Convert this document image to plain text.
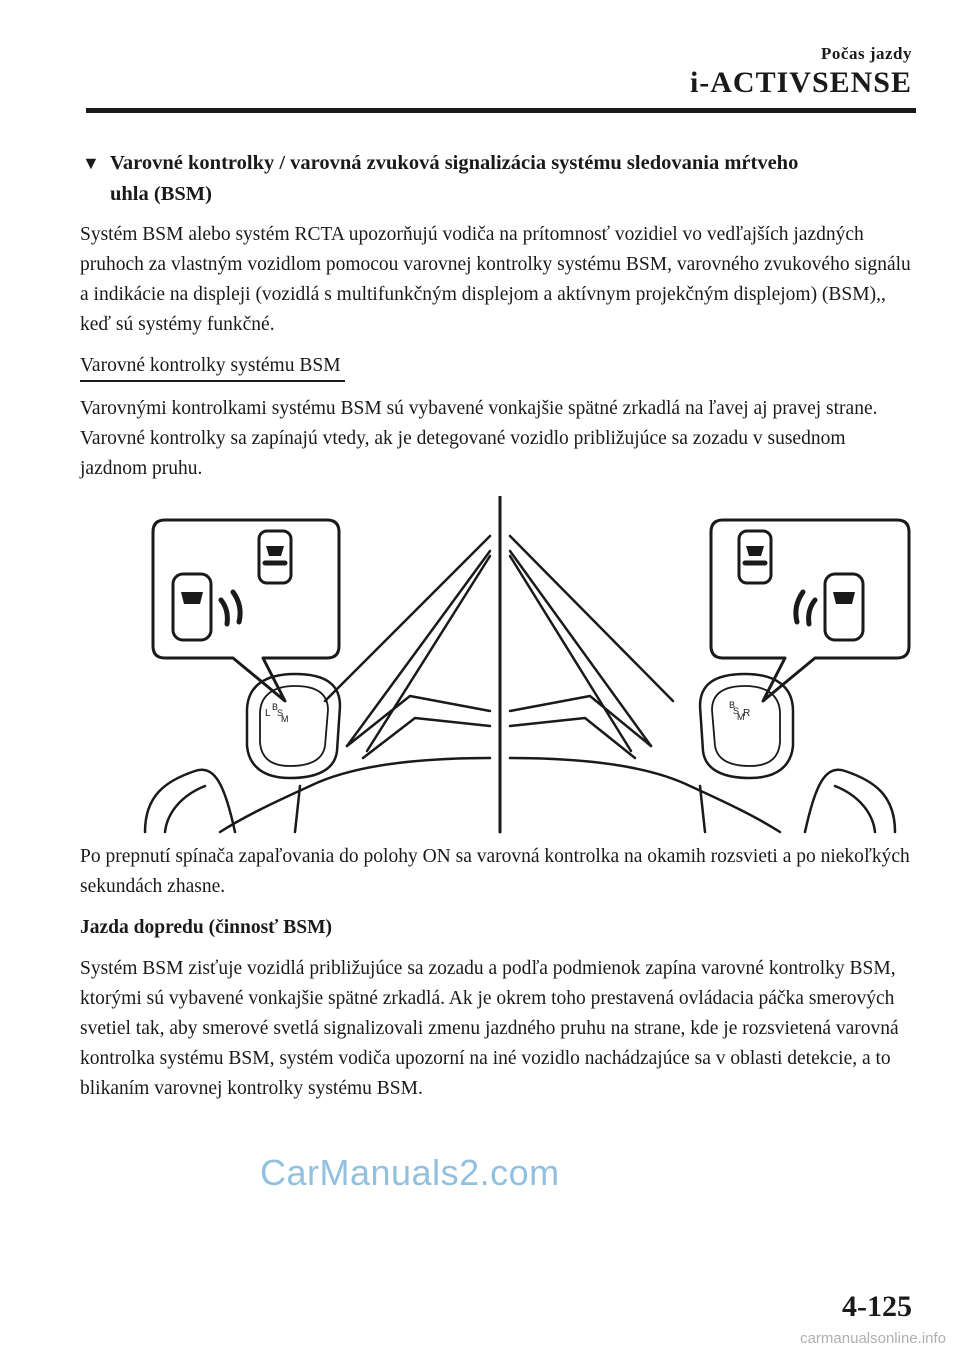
Počas jazdy
i-ACTIVSENSE
▼ Varovné kontrolky / varovná zvuková signalizácia systému sledovania mŕtveho
uhla (BSM)

Systém BSM alebo systém RCTA upozorňujú vodiča na prítomnosť vozidiel vo vedľajších jazdných pruhoch za vlastným vozidlom pomocou varovnej kontrolky systému BSM, varovného zvukového signálu a indikácie na displeji (vozidlá s multifunkčným displejom a aktívnym projekčným displejom) (BSM),, keď sú systémy funkčné.

Varovné kontrolky systému BSM

Varovnými kontrolkami systému BSM sú vybavené vonkajšie spätné zrkadlá na ľavej aj pravej strane. Varovné kontrolky sa zapínajú vtedy, ak je detegované vozidlo približujúce sa zozadu v susednom jazdnom pruhu.

L
B
S
M
B
S
M
R

Po prepnutí spínača zapaľovania do polohy ON sa varovná kontrolka na okamih rozsvieti a po niekoľkých sekundách zhasne.

Jazda dopredu (činnosť BSM)

Systém BSM zisťuje vozidlá približujúce sa zozadu a podľa podmienok zapína varovné kontrolky BSM, ktorými sú vybavené vonkajšie spätné zrkadlá. Ak je okrem toho prestavená ovládacia páčka smerových svetiel tak, aby smerové svetlá signalizovali zmenu jazdného pruhu na strane, kde je rozsvietená varovná kontrolka systému BSM, systém vodiča upozorní na iné vozidlo nachádzajúce sa v oblasti detekcie, a to blikaním varovnej kontrolky systému BSM.

CarManuals2.com
4-125
carmanualsonline.info
